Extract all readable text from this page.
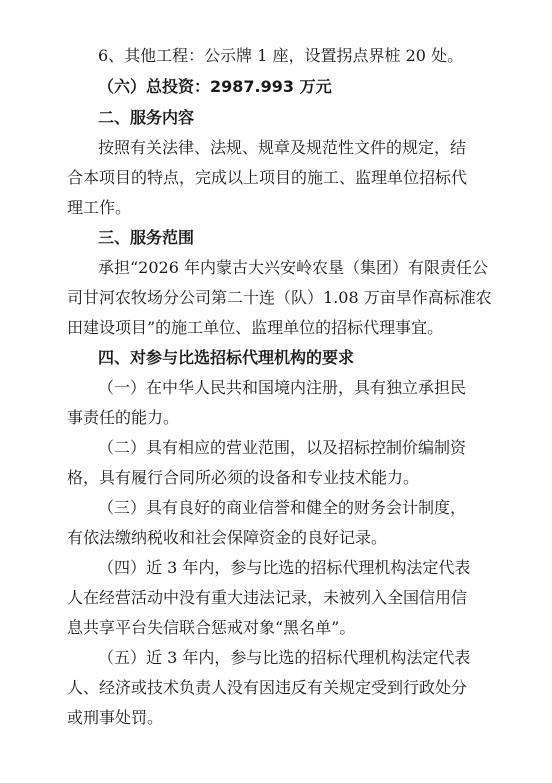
6、其他工程：公示牌 1 座，设置拐点界桩 20 处。
（六）总投资：2987.993 万元
二、服务内容
按照有关法律、法规、规章及规范性文件的规定，结
合本项目的特点，完成以上项目的施工、监理单位招标代
理工作。
三、服务范围
承担“2026 年内蒙古大兴安岭农垦（集团）有限责任公
司甘河农牧场分公司第二十连（队）1.08 万亩旱作高标准农
田建设项目”的施工单位、监理单位的招标代理事宜。
四、对参与比选招标代理机构的要求
（一）在中华人民共和国境内注册，具有独立承担民
事责任的能力。
（二）具有相应的营业范围，以及招标控制价编制资
格，具有履行合同所必须的设备和专业技术能力。
（三）具有良好的商业信誉和健全的财务会计制度，
有依法缴纳税收和社会保障资金的良好记录。
（四）近 3 年内，参与比选的招标代理机构法定代表
人在经营活动中没有重大违法记录，未被列入全国信用信
息共享平台失信联合惩戒对象“黑名单”。
（五）近 3 年内，参与比选的招标代理机构法定代表
人、经济或技术负责人没有因违反有关规定受到行政处分
或刑事处罚。
